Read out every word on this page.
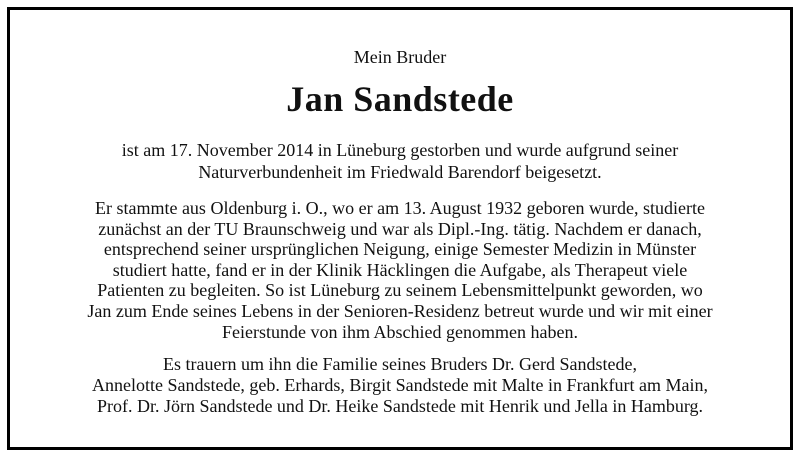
Mein Bruder
Jan Sandstede
ist am 17. November 2014 in Lüneburg gestorben und wurde aufgrund seiner
Naturverbundenheit im Friedwald Barendorf beigesetzt.
Er stammte aus Oldenburg i. O., wo er am 13. August 1932 geboren wurde, studierte
zunächst an der TU Braunschweig und war als Dipl.-Ing. tätig. Nachdem er danach,
entsprechend seiner ursprünglichen Neigung, einige Semester Medizin in Münster
studiert hatte, fand er in der Klinik Häcklingen die Aufgabe, als Therapeut viele
Patienten zu begleiten. So ist Lüneburg zu seinem Lebensmittelpunkt geworden, wo
Jan zum Ende seines Lebens in der Senioren-Residenz betreut wurde und wir mit einer
Feierstunde von ihm Abschied genommen haben.
Es trauern um ihn die Familie seines Bruders Dr. Gerd Sandstede,
Annelotte Sandstede, geb. Erhards, Birgit Sandstede mit Malte in Frankfurt am Main,
Prof. Dr. Jörn Sandstede und Dr. Heike Sandstede mit Henrik und Jella in Hamburg.
